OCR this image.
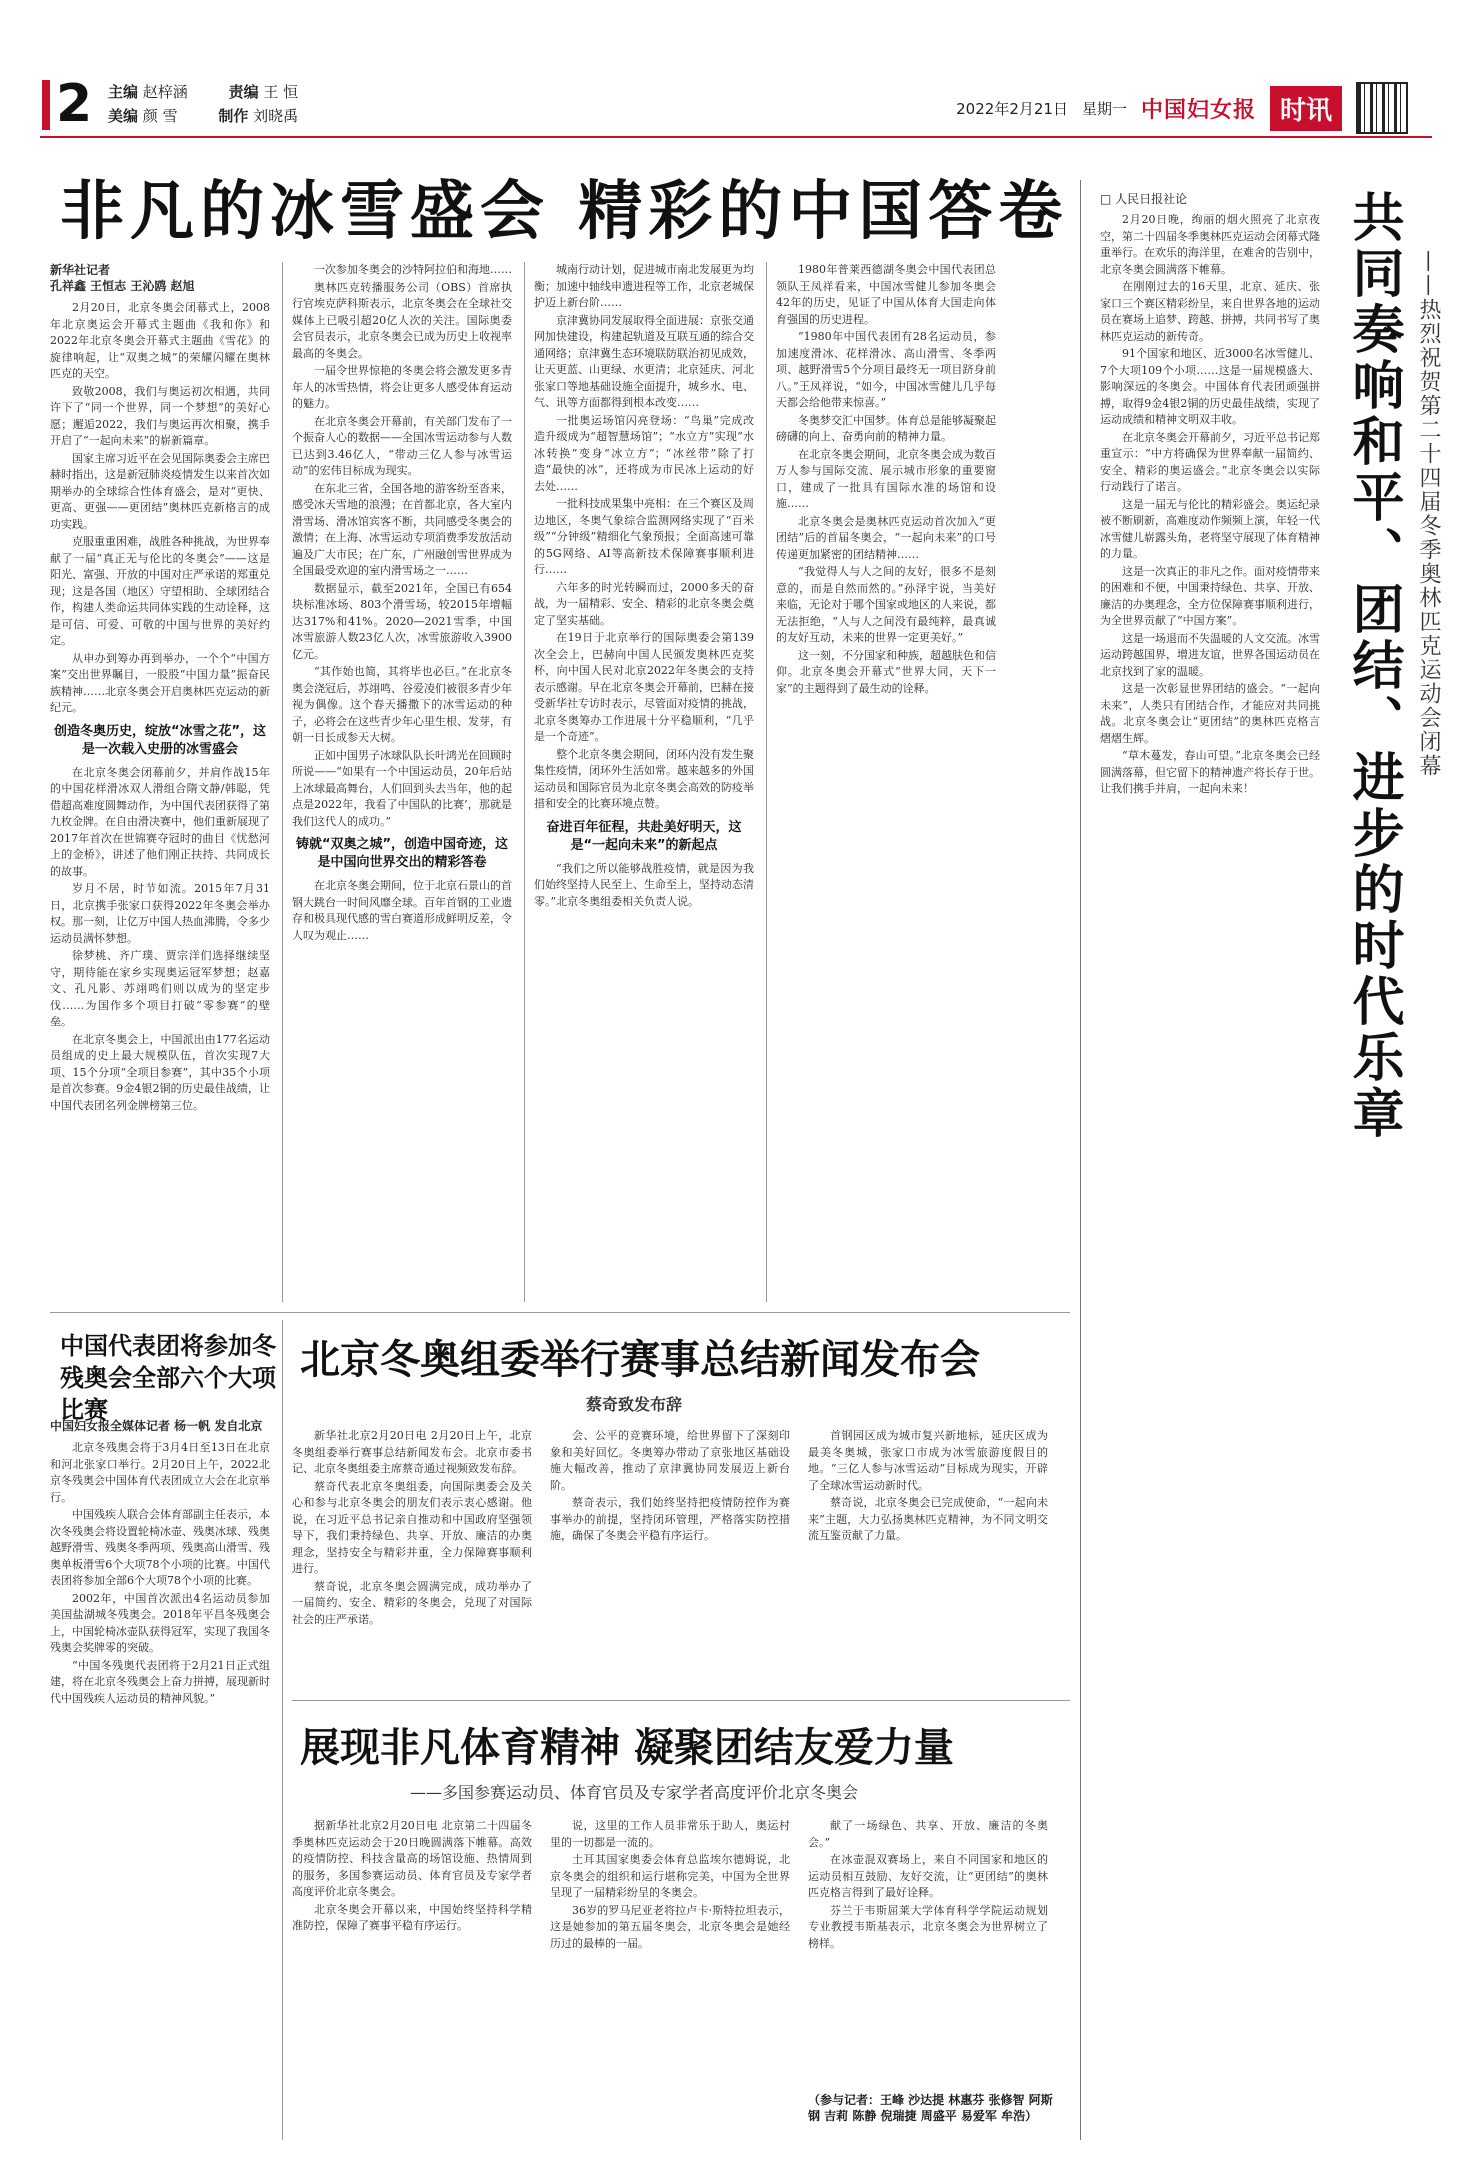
2	主编 赵梓涵	责编 王 恒
美编 颜 雪	制作 刘晓禹	2022年2月21日 星期一 中国妇女报 时讯
非凡的冰雪盛会 精彩的中国答卷
新华社记者
孔祥鑫 王恒志 王沁鸥 赵旭

2月20日，北京冬奥会闭幕式上，2008年北京奥运会开幕式主题曲《我和你》和2022年北京冬奥会开幕式主题曲《雪花》的旋律响起，让“双奥之城”的荣耀闪耀在奥林匹克的天空。

致敬2008，我们与奥运初次相遇，共同许下了“同一个世界，同一个梦想”的美好心愿；邂逅2022，我们与奥运再次相聚，携手开启了“一起向未来”的崭新篇章。

国家主席习近平在会见国际奥委会主席巴赫时指出，这是新冠肺炎疫情发生以来首次如期举办的全球综合性体育盛会，是对“更快、更高、更强——更团结”奥林匹克新格言的成功实践。

克服重重困难，战胜各种挑战，为世界奉献了一届“真正无与伦比的冬奥会”——这是阳光、富强、开放的中国对庄严承诺的郑重兑现；这是各国（地区）守望相助、全球团结合作，构建人类命运共同体实践的生动诠释，这是可信、可爱、可敬的中国与世界的美好约定。

从申办到筹办再到举办，一个个“中国方案”交出世界瞩目，一股股“中国力量”振奋民族精神……北京冬奥会开启奥林匹克运动的新纪元。

创造冬奥历史，绽放“冰雪之花”，这是一次载入史册的冰雪盛会

在北京冬奥会闭幕前夕，并肩作战15年的中国花样滑冰双人滑组合隋文静/韩聪，凭借超高难度圆舞动作，为中国代表团获得了第九枚金牌。在自由滑决赛中，他们重新展现了2017年首次在世锦赛夺冠时的曲目《忧愁河上的金桥》，讲述了他们刚正扶持、共同成长的故事。

岁月不居，时节如流。2015年7月31日，北京携手张家口获得2022年冬奥会举办权。那一刻，让亿万中国人热血沸腾，令多少运动员满怀梦想。

徐梦桃、齐广璞、贾宗洋们选择继续坚守，期待能在家乡实现奥运冠军梦想；赵嘉文、孔凡影、苏翊鸣们则以成为的坚定步伐……为国作多个项目打破“零参赛”的壁垒。

在北京冬奥会上，中国派出由177名运动员组成的史上最大规模队伍，首次实现7大项、15个分项“全项目参赛”，其中35个小项是首次参赛。9金4银2铜的历史最佳战绩，让中国代表团名列金牌榜第三位。

一次参加冬奥会的沙特阿拉伯和海地……

奥林匹克转播服务公司（OBS）首席执行官埃克萨科斯表示，北京冬奥会在全球社交媒体上已吸引超20亿人次的关注。国际奥委会官员表示，北京冬奥会已成为历史上收视率最高的冬奥会。

一届令世界惊艳的冬奥会将会激发更多青年人的冰雪热情，将会让更多人感受体育运动的魅力。

在北京冬奥会开幕前，有关部门发布了一个振奋人心的数据——全国冰雪运动参与人数已达到3.46亿人，“带动三亿人参与冰雪运动”的宏伟目标成为现实。

在东北三省，全国各地的游客纷至沓来，感受冰天雪地的浪漫；在首都北京，各大室内滑雪场、滑冰馆宾客不断，共同感受冬奥会的激情；在上海、冰雪运动专项消费季发放活动遍及广大市民；在广东，广州融创雪世界成为全国最受欢迎的室内滑雪场之一……

数据显示，截至2021年，全国已有654块标准冰场、803个滑雪场，较2015年增幅达317%和41%。2020—2021雪季，中国冰雪旅游人数23亿人次，冰雪旅游收入3900亿元。

“其作始也简，其将毕也必巨。”在北京冬奥会浇冠后，苏翊鸣、谷爱凌们被很多青少年视为偶像。这个春天播撒下的冰雪运动的种子，必将会在这些青少年心里生根、发芽，有朝一日长成参天大树。

正如中国男子冰球队队长叶鸿光在回顾时所说——“如果有一个中国运动员，20年后站上冰球最高舞台，人们回到头去当年，他的起点是2022年，我看了中国队的比赛’，那就是我们这代人的成功。”

铸就“双奥之城”，创造中国奇迹，这是中国向世界交出的精彩答卷

在北京冬奥会期间，位于北京石景山的首钢大跳台一时间风靡全球。百年首钢的工业遗存和极具现代感的雪白赛道形成鲜明反差，令人叹为观止……

城南行动计划，促进城市南北发展更为均衡；加速中轴线申遗进程等工作，北京老城保护迈上新台阶……

京津冀协同发展取得全面进展：京张交通网加快建设，构建起轨道及互联互通的综合交通网络；京津冀生态环境联防联治初见成效，让天更蓝、山更绿、水更清；北京延庆、河北张家口等地基础设施全面提升，城乡水、电、气、讯等方面都得到根本改变……

一批奥运场馆闪亮登场：“鸟巢”完成改造升级成为“超智慧场馆”；“水立方”实现“水冰转换”变身“冰立方”；“冰丝带”除了打造“最快的冰”，还将成为市民冰上运动的好去处……

一批科技成果集中亮相：在三个赛区及周边地区，冬奥气象综合监测网络实现了“百米级”“分钟级”精细化气象预报；全面高速可靠的5G网络、AI等高新技术保障赛事顺利进行……

六年多的时光转瞬而过，2000多天的奋战，为一届精彩、安全、精彩的北京冬奥会奠定了坚实基础。

在19日于北京举行的国际奥委会第139次全会上，巴赫向中国人民颁发奥林匹克奖杯，向中国人民对北京2022年冬奥会的支持表示感谢。早在北京冬奥会开幕前，巴赫在接受新华社专访时表示，尽管面对疫情的挑战，北京冬奥筹办工作进展十分平稳顺利，“几乎是一个奇迹”。

整个北京冬奥会期间，闭环内没有发生聚集性疫情，闭环外生活如常。越来越多的外国运动员和国际官员为北京冬奥会高效的防疫举措和安全的比赛环境点赞。

奋进百年征程，共赴美好明天，这是“一起向未来”的新起点

“我们之所以能够战胜疫情，就是因为我们始终坚持人民至上、生命至上，坚持动态清零。”北京冬奥组委相关负责人说。

1980年普莱西德湖冬奥会中国代表团总领队王凤祥看来，中国冰雪健儿参加冬奥会42年的历史，见证了中国从体育大国走向体育强国的历史进程。

“1980年中国代表团有28名运动员，参加速度滑冰、花样滑冰、高山滑雪、冬季两项、越野滑雪5个分项目最终无一项目跻身前八。”王凤祥说，“如今，中国冰雪健儿几乎每天都会给他带来惊喜。”

冬奥梦交汇中国梦。体育总是能够凝聚起磅礴的向上、奋勇向前的精神力量。

在北京冬奥会期间，北京冬奥会成为数百万人参与国际交流、展示城市形象的重要窗口，建成了一批具有国际水准的场馆和设施……

北京冬奥会是奥林匹克运动首次加入“更团结”后的首届冬奥会，“一起向未来”的口号传递更加紧密的团结精神……

“我觉得人与人之间的友好，很多不是刻意的，而是自然而然的。”孙泽宇说，当美好来临，无论对于哪个国家或地区的人来说，都无法拒绝，“人与人之间没有最纯粹，最真诚的友好互动，未来的世界一定更美好。”

这一刻，不分国家和种族，超越肤色和信仰。北京冬奥会开幕式“世界大同，天下一家”的主题得到了最生动的诠释。

□ 人民日报社论

2月20日晚，绚丽的烟火照亮了北京夜空，第二十四届冬季奥林匹克运动会闭幕式隆重举行。在欢乐的海洋里，在难舍的告别中，北京冬奥会圆满落下帷幕。

在刚刚过去的16天里，北京、延庆、张家口三个赛区精彩纷呈，来自世界各地的运动员在赛场上追梦、跨越、拼搏，共同书写了奥林匹克运动的新传奇。

91个国家和地区、近3000名冰雪健儿、7个大项109个小项……这是一届规模盛大、影响深远的冬奥会。中国体育代表团顽强拼搏，取得9金4银2铜的历史最佳战绩，实现了运动成绩和精神文明双丰收。

在北京冬奥会开幕前夕，习近平总书记郑重宣示：“中方将确保为世界奉献一届简约、安全、精彩的奥运盛会。”北京冬奥会以实际行动践行了诺言。

这是一届无与伦比的精彩盛会。奥运纪录被不断刷新，高难度动作频频上演，年轻一代冰雪健儿崭露头角，老将坚守展现了体育精神的力量。

这是一次真正的非凡之作。面对疫情带来的困难和不便，中国秉持绿色、共享、开放、廉洁的办奥理念，全方位保障赛事顺利进行，为全世界贡献了“中国方案”。

这是一场退而不失温暖的人文交流。冰雪运动跨越国界，增进友谊，世界各国运动员在北京找到了家的温暖。

这是一次彰显世界团结的盛会。“一起向未来”，人类只有团结合作，才能应对共同挑战。北京冬奥会让“更团结”的奥林匹克格言熠熠生辉。

“草木蔓发，春山可望。”北京冬奥会已经圆满落幕，但它留下的精神遗产将长存于世。让我们携手并肩，一起向未来！	共同奏响和平、团结、进步的时代乐章 ——热烈祝贺第二十四届冬季奥林匹克运动会闭幕
中国代表团将参加冬残奥会全部六个大项比赛
中国妇女报全媒体记者 杨一帆 发自北京

北京冬残奥会将于3月4日至13日在北京和河北张家口举行。2月20日上午，2022北京冬残奥会中国体育代表团成立大会在北京举行。

中国残疾人联合会体育部副主任表示，本次冬残奥会将设置轮椅冰壶、残奥冰球、残奥越野滑雪、残奥冬季两项、残奥高山滑雪、残奥单板滑雪6个大项78个小项的比赛。中国代表团将参加全部6个大项78个小项的比赛。

2002年，中国首次派出4名运动员参加美国盐湖城冬残奥会。2018年平昌冬残奥会上，中国轮椅冰壶队获得冠军，实现了我国冬残奥会奖牌零的突破。

“中国冬残奥代表团将于2月21日正式组建，将在北京冬残奥会上奋力拼搏，展现新时代中国残疾人运动员的精神风貌。”

北京冬奥组委举行赛事总结新闻发布会
蔡奇致发布辞

新华社北京2月20日电 2月20日上午，北京冬奥组委举行赛事总结新闻发布会。北京市委书记、北京冬奥组委主席蔡奇通过视频致发布辞。

蔡奇代表北京冬奥组委，向国际奥委会及关心和参与北京冬奥会的朋友们表示衷心感谢。他说，在习近平总书记亲自推动和中国政府坚强领导下，我们秉持绿色、共享、开放、廉洁的办奥理念，坚持安全与精彩并重，全力保障赛事顺利进行。

蔡奇说，北京冬奥会圆满完成，成功举办了一届简约、安全、精彩的冬奥会，兑现了对国际社会的庄严承诺。

会、公平的竞赛环境，给世界留下了深刻印象和美好回忆。冬奥筹办带动了京张地区基础设施大幅改善，推动了京津冀协同发展迈上新台阶。

蔡奇表示，我们始终坚持把疫情防控作为赛事举办的前提，坚持闭环管理，严格落实防控措施，确保了冬奥会平稳有序运行。

首钢园区成为城市复兴新地标，延庆区成为最美冬奥城，张家口市成为冰雪旅游度假目的地。“三亿人参与冰雪运动”目标成为现实，开辟了全球冰雪运动新时代。

蔡奇说，北京冬奥会已完成使命，“一起向未来”主题，大力弘扬奥林匹克精神，为不同文明交流互鉴贡献了力量。

展现非凡体育精神 凝聚团结友爱力量
——多国参赛运动员、体育官员及专家学者高度评价北京冬奥会

据新华社北京2月20日电 北京第二十四届冬季奥林匹克运动会于20日晚圆满落下帷幕。高效的疫情防控、科技含量高的场馆设施、热情周到的服务，多国参赛运动员、体育官员及专家学者高度评价北京冬奥会。

北京冬奥会开幕以来，中国始终坚持科学精准防控，保障了赛事平稳有序运行。

说，这里的工作人员非常乐于助人，奥运村里的一切都是一流的。

土耳其国家奥委会体育总监埃尔德姆说，北京冬奥会的组织和运行堪称完美，中国为全世界呈现了一届精彩纷呈的冬奥会。

36岁的罗马尼亚老将拉卢卡·斯特拉坦表示，这是她参加的第五届冬奥会，北京冬奥会是她经历过的最棒的一届。

献了一场绿色、共享、开放、廉洁的冬奥会。”

在冰壶混双赛场上，来自不同国家和地区的运动员相互鼓励、友好交流，让“更团结”的奥林匹克格言得到了最好诠释。

芬兰于韦斯屈莱大学体育科学学院运动规划专业教授韦斯基表示，北京冬奥会为世界树立了榜样。

（参与记者：王峰 沙达提 林惠芬 张修智 阿斯钢 吉莉 陈静 倪瑞捷 周盛平 易爱军 牟浩）
